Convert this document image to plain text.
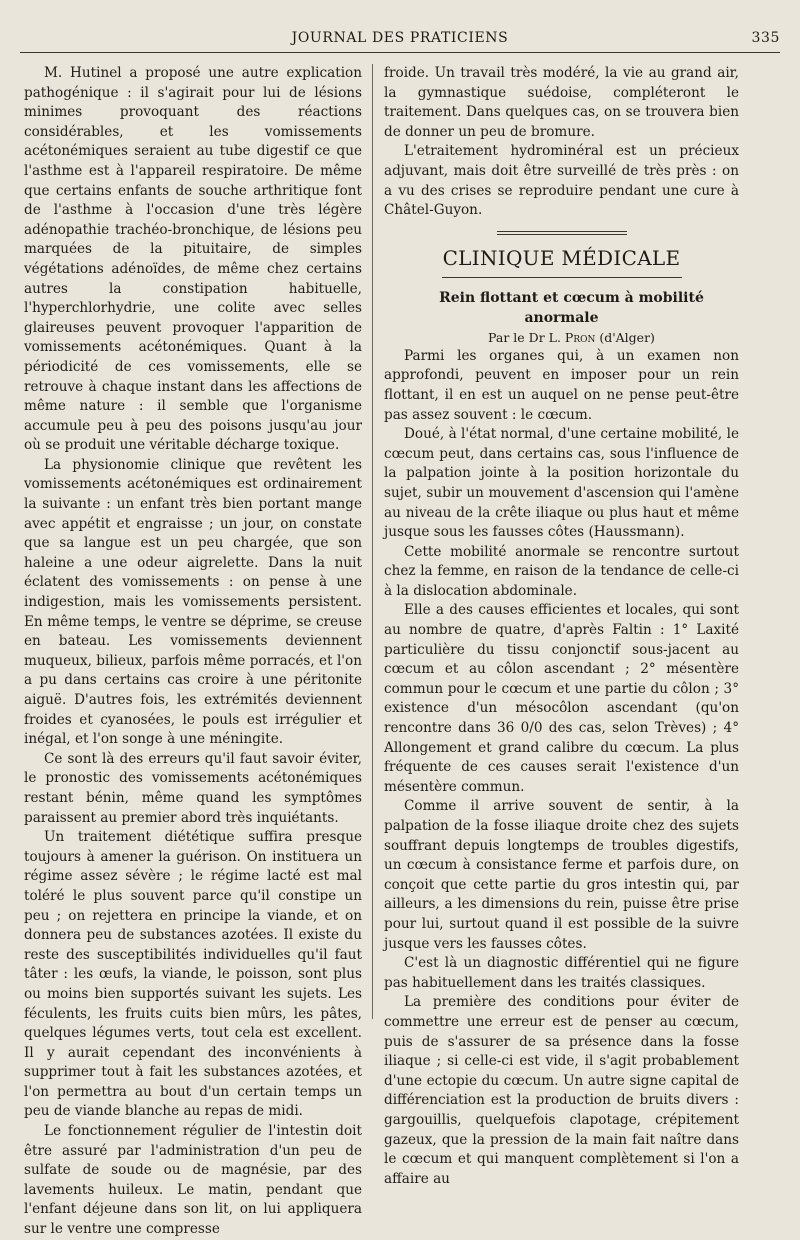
JOURNAL DES PRATICIENS	335

M. Hutinel a proposé une autre explication pathogénique : il s'agirait pour lui de lésions minimes provoquant des réactions considérables, et les vomissements acétonémiques seraient au tube digestif ce que l'asthme est à l'appareil respiratoire. De même que certains enfants de souche arthritique font de l'asthme à l'occasion d'une très légère adénopathie trachéo-bronchique, de lésions peu marquées de la pituitaire, de simples végétations adénoïdes, de même chez certains autres la constipation habituelle, l'hyperchlorhydrie, une colite avec selles glaireuses peuvent provoquer l'apparition de vomissements acétonémiques. Quant à la périodicité de ces vomissements, elle se retrouve à chaque instant dans les affections de même nature : il semble que l'organisme accumule peu à peu des poisons jusqu'au jour où se produit une véritable décharge toxique.

La physionomie clinique que revêtent les vomissements acétonémiques est ordinairement la suivante : un enfant très bien portant mange avec appétit et engraisse ; un jour, on constate que sa langue est un peu chargée, que son haleine a une odeur aigrelette. Dans la nuit éclatent des vomissements : on pense à une indigestion, mais les vomissements persistent. En même temps, le ventre se déprime, se creuse en bateau. Les vomissements deviennent muqueux, bilieux, parfois même porracés, et l'on a pu dans certains cas croire à une péritonite aiguë. D'autres fois, les extrémités deviennent froides et cyanosées, le pouls est irrégulier et inégal, et l'on songe à une méningite.

Ce sont là des erreurs qu'il faut savoir éviter, le pronostic des vomissements acétonémiques restant bénin, même quand les symptômes paraissent au premier abord très inquiétants.

Un traitement diététique suffira presque toujours à amener la guérison. On instituera un régime assez sévère ; le régime lacté est mal toléré le plus souvent parce qu'il constipe un peu ; on rejettera en principe la viande, et on donnera peu de substances azotées. Il existe du reste des susceptibilités individuelles qu'il faut tâter : les œufs, la viande, le poisson, sont plus ou moins bien supportés suivant les sujets. Les féculents, les fruits cuits bien mûrs, les pâtes, quelques légumes verts, tout cela est excellent. Il y aurait cependant des inconvénients à supprimer tout à fait les substances azotées, et l'on permettra au bout d'un certain temps un peu de viande blanche au repas de midi.

Le fonctionnement régulier de l'intestin doit être assuré par l'administration d'un peu de sulfate de soude ou de magnésie, par des lavements huileux. Le matin, pendant que l'enfant déjeune dans son lit, on lui appliquera sur le ventre une compresse

froide. Un travail très modéré, la vie au grand air, la gymnastique suédoise, compléteront le traitement. Dans quelques cas, on se trouvera bien de donner un peu de bromure.

L'etraitement hydrominéral est un précieux adjuvant, mais doit être surveillé de très près : on a vu des crises se reproduire pendant une cure à Châtel-Guyon.

CLINIQUE MÉDICALE

Rein flottant et cœcum à mobilité anormale

Par le Dr L. Pron (d'Alger)

Parmi les organes qui, à un examen non approfondi, peuvent en imposer pour un rein flottant, il en est un auquel on ne pense peut-être pas assez souvent : le cœcum.

Doué, à l'état normal, d'une certaine mobilité, le cœcum peut, dans certains cas, sous l'influence de la palpation jointe à la position horizontale du sujet, subir un mouvement d'ascension qui l'amène au niveau de la crête iliaque ou plus haut et même jusque sous les fausses côtes (Haussmann).

Cette mobilité anormale se rencontre surtout chez la femme, en raison de la tendance de celle-ci à la dislocation abdominale.

Elle a des causes efficientes et locales, qui sont au nombre de quatre, d'après Faltin : 1° Laxité particulière du tissu conjonctif sous-jacent au cœcum et au côlon ascendant ; 2° mésentère commun pour le cœcum et une partie du côlon ; 3° existence d'un mésocôlon ascendant (qu'on rencontre dans 36 0/0 des cas, selon Trèves) ; 4° Allongement et grand calibre du cœcum. La plus fréquente de ces causes serait l'existence d'un mésentère commun.

Comme il arrive souvent de sentir, à la palpation de la fosse iliaque droite chez des sujets souffrant depuis longtemps de troubles digestifs, un cœcum à consistance ferme et parfois dure, on conçoit que cette partie du gros intestin qui, par ailleurs, a les dimensions du rein, puisse être prise pour lui, surtout quand il est possible de la suivre jusque vers les fausses côtes.

C'est là un diagnostic différentiel qui ne figure pas habituellement dans les traités classiques.

La première des conditions pour éviter de commettre une erreur est de penser au cœcum, puis de s'assurer de sa présence dans la fosse iliaque ; si celle-ci est vide, il s'agit probablement d'une ectopie du cœcum. Un autre signe capital de différenciation est la production de bruits divers : gargouillis, quelquefois clapotage, crépitement gazeux, que la pression de la main fait naître dans le cœcum et qui manquent complètement si l'on a affaire au
